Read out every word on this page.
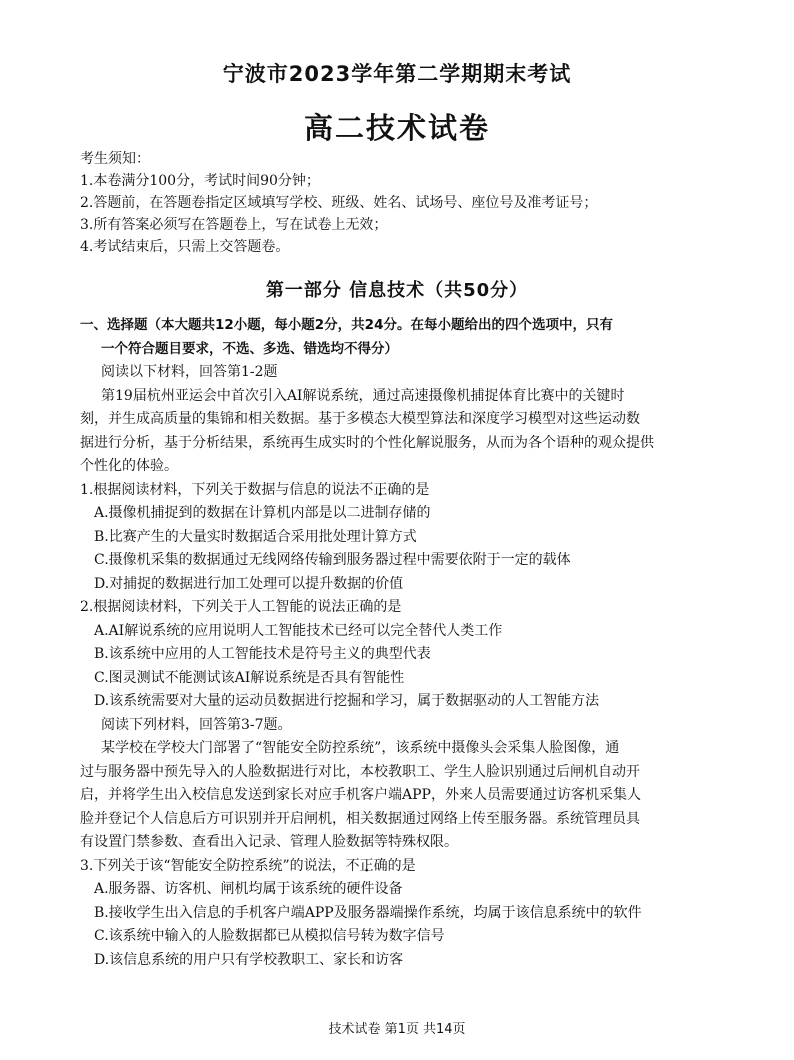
宁波市2023学年第二学期期末考试
高二技术试卷
考生须知：
1.本卷满分100分，考试时间90分钟；
2.答题前，在答题卷指定区域填写学校、班级、姓名、试场号、座位号及准考证号；
3.所有答案必须写在答题卷上，写在试卷上无效；
4.考试结束后，只需上交答题卷。
第一部分 信息技术（共50分）
一、选择题（本大题共12小题，每小题2分，共24分。在每小题给出的四个选项中，只有
一个符合题目要求，不选、多选、错选均不得分）
阅读以下材料，回答第1-2题
第19届杭州亚运会中首次引入AI解说系统，通过高速摄像机捕捉体育比赛中的关键时
刻，并生成高质量的集锦和相关数据。基于多模态大模型算法和深度学习模型对这些运动数
据进行分析，基于分析结果，系统再生成实时的个性化解说服务，从而为各个语种的观众提供
个性化的体验。
1.根据阅读材料，下列关于数据与信息的说法不正确的是
A.摄像机捕捉到的数据在计算机内部是以二进制存储的
B.比赛产生的大量实时数据适合采用批处理计算方式
C.摄像机采集的数据通过无线网络传输到服务器过程中需要依附于一定的载体
D.对捕捉的数据进行加工处理可以提升数据的价值
2.根据阅读材料，下列关于人工智能的说法正确的是
A.AI解说系统的应用说明人工智能技术已经可以完全替代人类工作
B.该系统中应用的人工智能技术是符号主义的典型代表
C.图灵测试不能测试该AI解说系统是否具有智能性
D.该系统需要对大量的运动员数据进行挖掘和学习，属于数据驱动的人工智能方法
阅读下列材料，回答第3-7题。
某学校在学校大门部署了“智能安全防控系统”，该系统中摄像头会采集人脸图像，通
过与服务器中预先导入的人脸数据进行对比，本校教职工、学生人脸识别通过后闸机自动开
启，并将学生出入校信息发送到家长对应手机客户端APP，外来人员需要通过访客机采集人
脸并登记个人信息后方可识别并开启闸机，相关数据通过网络上传至服务器。系统管理员具
有设置门禁参数、查看出入记录、管理人脸数据等特殊权限。
3.下列关于该“智能安全防控系统”的说法，不正确的是
A.服务器、访客机、闸机均属于该系统的硬件设备
B.接收学生出入信息的手机客户端APP及服务器端操作系统，均属于该信息系统中的软件
C.该系统中输入的人脸数据都已从模拟信号转为数字信号
D.该信息系统的用户只有学校教职工、家长和访客
技术试卷 第1页 共14页
